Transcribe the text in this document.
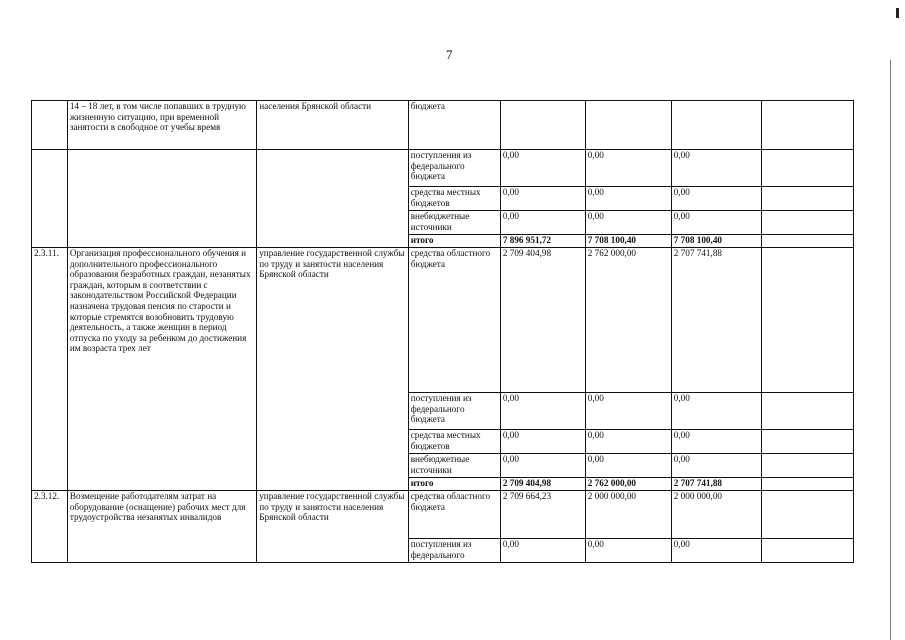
7
	14 – 18 лет, в том числе попавших в трудную жизненную ситуацию, при временной занятости в свободное от учебы время	населения Брянской области	бюджета				
			поступления из федерального бюджета	0,00	0,00	0,00	
			средства местных бюджетов	0,00	0,00	0,00	
			внебюджетные источники	0,00	0,00	0,00	
			итого	7 896 951,72	7 708 100,40	7 708 100,40	
2.3.11.	Организация профессионального обучения и дополнительного профессионального образования безработных граждан, незанятых граждан, которым в соответствии с законодательством Российской Федерации назначена трудовая пенсия по старости и которые стремятся возобновить трудовую деятельность, а также женщин в период отпуска по уходу за ребенком до достижения им возраста трех лет	управление государственной службы по труду и занятости населения Брянской области	средства областного бюджета	2 709 404,98	2 762 000,00	2 707 741,88	
			поступления из федерального бюджета	0,00	0,00	0,00	
			средства местных бюджетов	0,00	0,00	0,00	
			внебюджетные источники	0,00	0,00	0,00	
			итого	2 709 404,98	2 762 000,00	2 707 741,88	
2.3.12.	Возмещение работодателям затрат на оборудование (оснащение) рабочих мест для трудоустройства незанятых инвалидов	управление государственной службы по труду и занятости населения Брянской области	средства областного бюджета	2 709 664,23	2 000 000,00	2 000 000,00	
			поступления из федерального	0,00	0,00	0,00	
